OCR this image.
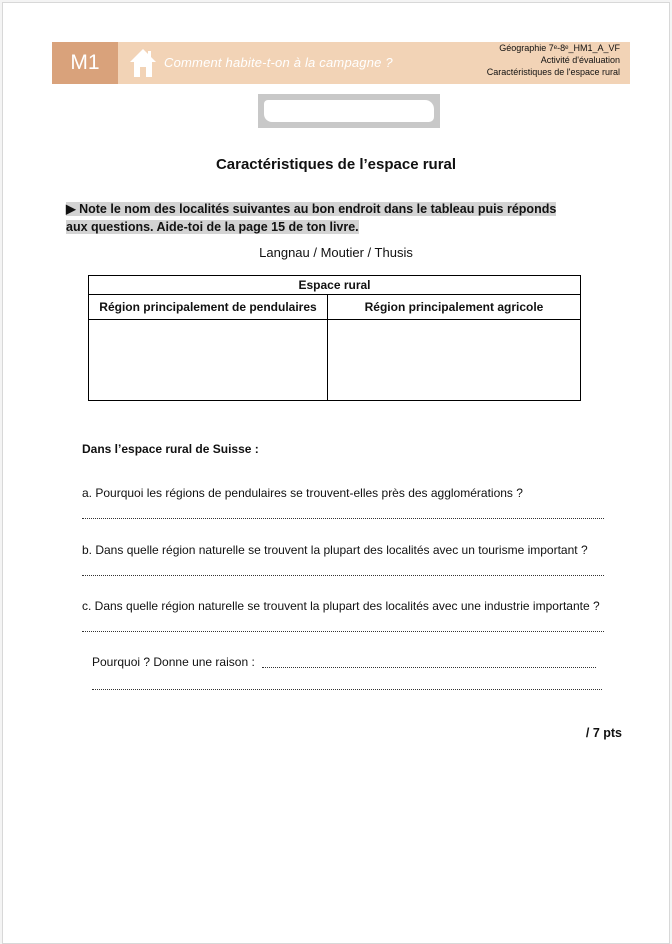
M1	Comment habite-t-on à la campagne ?
Géographie 7ᵉ-8ᵉ_HM1_A_VF
Activité d'évaluation
Caractéristiques de l'espace rural
Caractéristiques de l’espace rural
▶ Note le nom des localités suivantes au bon endroit dans le tableau puis réponds aux questions. Aide-toi de la page 15 de ton livre.
Langnau / Moutier / Thusis
Espace rural	
Région principalement de pendulaires	Région principalement agricole

Dans l’espace rural de Suisse :
a. Pourquoi les régions de pendulaires se trouvent-elles près des agglomérations ?
b. Dans quelle région naturelle se trouvent la plupart des localités avec un tourisme important ?
c. Dans quelle région naturelle se trouvent la plupart des localités avec une industrie importante ?
Pourquoi ? Donne une raison :
/ 7 pts
